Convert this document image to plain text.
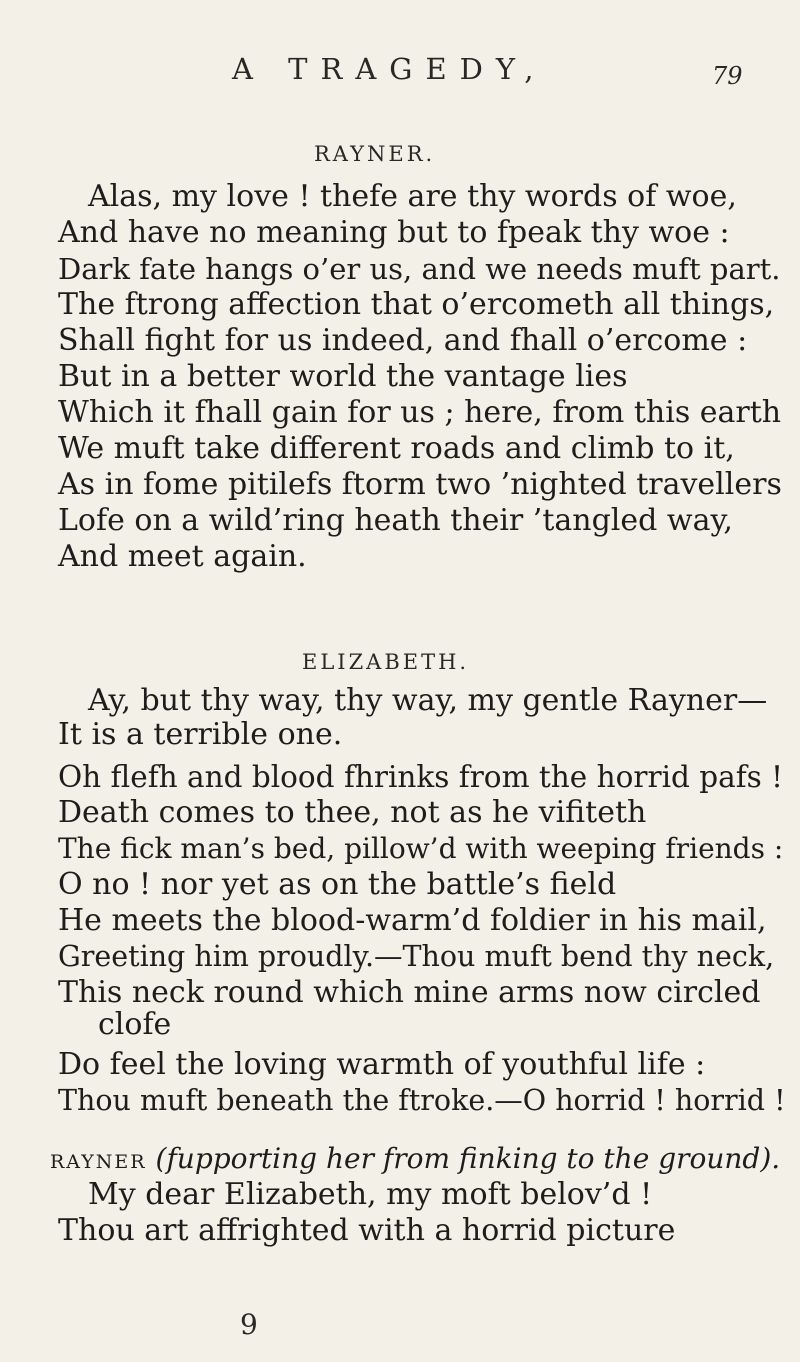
A TRAGEDY,	79
RAYNER.
Alas, my love ! thefe are thy words of woe,
And have no meaning but to fpeak thy woe :
Dark fate hangs o’er us, and we needs muft part.
The ftrong affection that o’ercometh all things,
Shall fight for us indeed, and fhall o’ercome :
But in a better world the vantage lies
Which it fhall gain for us ; here, from this earth
We muft take different roads and climb to it,
As in fome pitilefs ftorm two ’nighted travellers
Lofe on a wild’ring heath their ’tangled way,
And meet again.
ELIZABETH.
Ay, but thy way, thy way, my gentle Rayner—
It is a terrible one.
Oh flefh and blood fhrinks from the horrid pafs !
Death comes to thee, not as he vifiteth
The fick man’s bed, pillow’d with weeping friends :
O no ! nor yet as on the battle’s field
He meets the blood-warm’d foldier in his mail,
Greeting him proudly.—Thou muft bend thy neck,
This neck round which mine arms now circled
clofe
Do feel the loving warmth of youthful life :
Thou muft beneath the ftroke.—O horrid ! horrid !
RAYNER (fupporting her from finking to the ground).
My dear Elizabeth, my moft belov’d !
Thou art affrighted with a horrid picture
9
